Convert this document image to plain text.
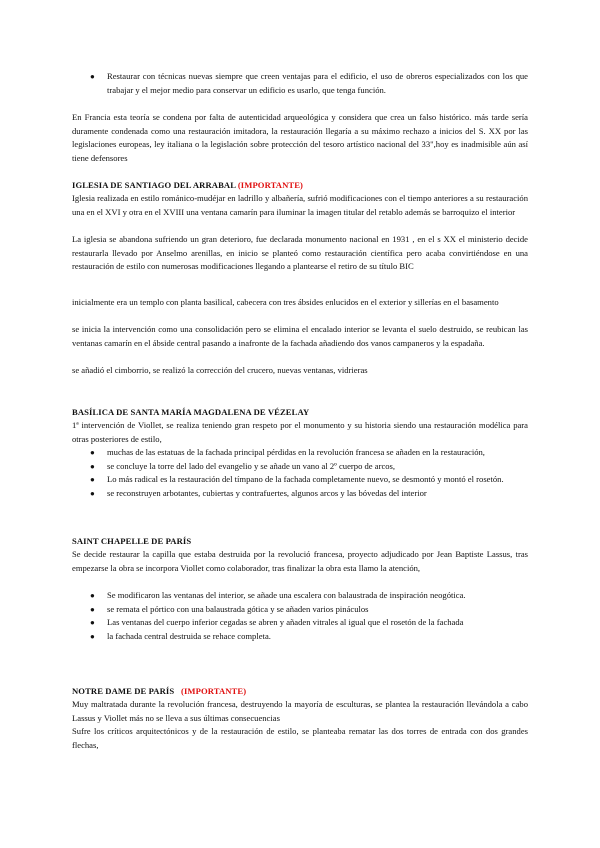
● Restaurar con técnicas nuevas siempre que creen ventajas para el edificio, el uso de obreros especializados con los que trabajar y el mejor medio para conservar un edificio es usarlo, que tenga función.

En Francia esta teoría se condena por falta de autenticidad arqueológica y considera que crea un falso histórico. más tarde sería duramente condenada como una restauración imitadora, la restauración llegaría a su máximo rechazo a inicios del S. XX por las legislaciones europeas, ley italiana o la legislación sobre protección del tesoro artístico nacional del 33",hoy es inadmisible aún así tiene defensores

IGLESIA DE SANTIAGO DEL ARRABAL (IMPORTANTE)

Iglesia realizada en estilo románico-mudéjar en ladrillo y albañería, sufrió modificaciones con el tiempo anteriores a su restauración una en el XVI y otra en el XVIII una ventana camarín para iluminar la imagen titular del retablo además se barroquizo el interior

La iglesia se abandona sufriendo un gran deterioro, fue declarada monumento nacional en 1931 , en el s XX el ministerio decide restaurarla llevado por Anselmo arenillas, en inicio se planteó como restauración científica pero acaba convirtiéndose en una restauración de estilo con numerosas modificaciones llegando a plantearse el retiro de su título BIC

inicialmente era un templo con planta basilical, cabecera con tres ábsides enlucidos en el exterior y sillerías en el basamento

se inicia la intervención como una consolidación pero se elimina el encalado interior se levanta el suelo destruido, se reubican las ventanas camarín en el ábside central pasando a inafronte de la fachada añadiendo dos vanos campaneros y la espadaña.

se añadió el cimborrio, se realizó la corrección del crucero, nuevas ventanas, vidrieras

BASÍLICA DE SANTA MARÍA MAGDALENA DE VÉZELAY

1ª intervención de Viollet, se realiza teniendo gran respeto por el monumento y su historia siendo una restauración modélica para otras posteriores de estilo,

● muchas de las estatuas de la fachada principal pérdidas en la revolución francesa se añaden en la restauración,
● se concluye la torre del lado del evangelio y se añade un vano al 2º cuerpo de arcos,
● Lo más radical es la restauración del tímpano de la fachada completamente nuevo, se desmontó y montó el rosetón.
● se reconstruyen arbotantes, cubiertas y contrafuertes, algunos arcos y las bóvedas del interior

SAINT CHAPELLE DE PARÍS

Se decide restaurar la capilla que estaba destruida por la revolució francesa, proyecto adjudicado por Jean Baptiste Lassus, tras empezarse la obra se incorpora Viollet como colaborador, tras finalizar la obra esta llamo la atención,

● Se modificaron las ventanas del interior, se añade una escalera con balaustrada de inspiración neogótica.
● se remata el pórtico con una balaustrada gótica y se añaden varios pináculos
● Las ventanas del cuerpo inferior cegadas se abren y añaden vitrales al igual que el rosetón de la fachada
● la fachada central destruida se rehace completa.

NOTRE DAME DE PARÍS (IMPORTANTE)

Muy maltratada durante la revolución francesa, destruyendo la mayoría de esculturas, se plantea la restauración llevándola a cabo Lassus y Viollet más no se lleva a sus últimas consecuencias

Sufre los críticos arquitectónicos y de la restauración de estilo, se planteaba rematar las dos torres de entrada con dos grandes flechas,
